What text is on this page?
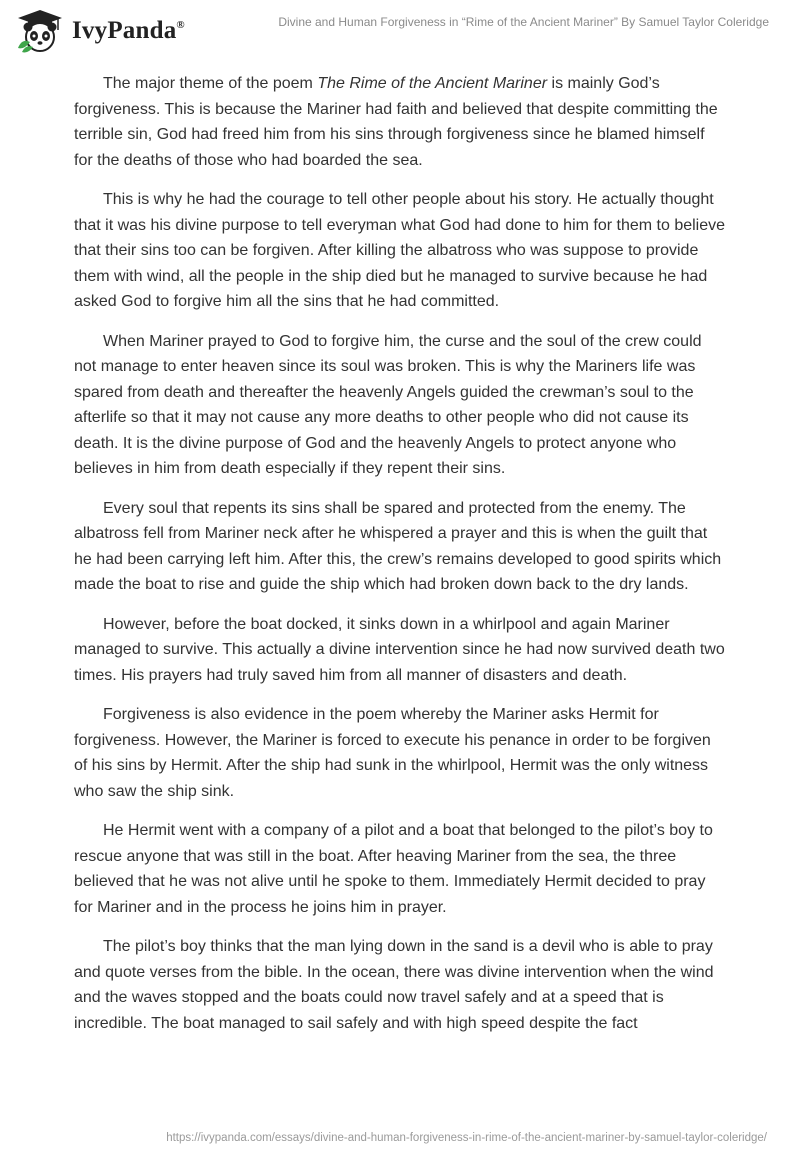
IvyPanda®	Divine and Human Forgiveness in “Rime of the Ancient Mariner” By Samuel Taylor Coleridge

The major theme of the poem The Rime of the Ancient Mariner is mainly God’s forgiveness. This is because the Mariner had faith and believed that despite committing the terrible sin, God had freed him from his sins through forgiveness since he blamed himself for the deaths of those who had boarded the sea.

This is why he had the courage to tell other people about his story. He actually thought that it was his divine purpose to tell everyman what God had done to him for them to believe that their sins too can be forgiven. After killing the albatross who was suppose to provide them with wind, all the people in the ship died but he managed to survive because he had asked God to forgive him all the sins that he had committed.

When Mariner prayed to God to forgive him, the curse and the soul of the crew could not manage to enter heaven since its soul was broken. This is why the Mariners life was spared from death and thereafter the heavenly Angels guided the crewman’s soul to the afterlife so that it may not cause any more deaths to other people who did not cause its death. It is the divine purpose of God and the heavenly Angels to protect anyone who believes in him from death especially if they repent their sins.

Every soul that repents its sins shall be spared and protected from the enemy. The albatross fell from Mariner neck after he whispered a prayer and this is when the guilt that he had been carrying left him. After this, the crew’s remains developed to good spirits which made the boat to rise and guide the ship which had broken down back to the dry lands.

However, before the boat docked, it sinks down in a whirlpool and again Mariner managed to survive. This actually a divine intervention since he had now survived death two times. His prayers had truly saved him from all manner of disasters and death.

Forgiveness is also evidence in the poem whereby the Mariner asks Hermit for forgiveness. However, the Mariner is forced to execute his penance in order to be forgiven of his sins by Hermit. After the ship had sunk in the whirlpool, Hermit was the only witness who saw the ship sink.

He Hermit went with a company of a pilot and a boat that belonged to the pilot’s boy to rescue anyone that was still in the boat. After heaving Mariner from the sea, the three believed that he was not alive until he spoke to them. Immediately Hermit decided to pray for Mariner and in the process he joins him in prayer.

The pilot’s boy thinks that the man lying down in the sand is a devil who is able to pray and quote verses from the bible. In the ocean, there was divine intervention when the wind and the waves stopped and the boats could now travel safely and at a speed that is incredible. The boat managed to sail safely and with high speed despite the fact

https://ivypanda.com/essays/divine-and-human-forgiveness-in-rime-of-the-ancient-mariner-by-samuel-taylor-coleridge/
